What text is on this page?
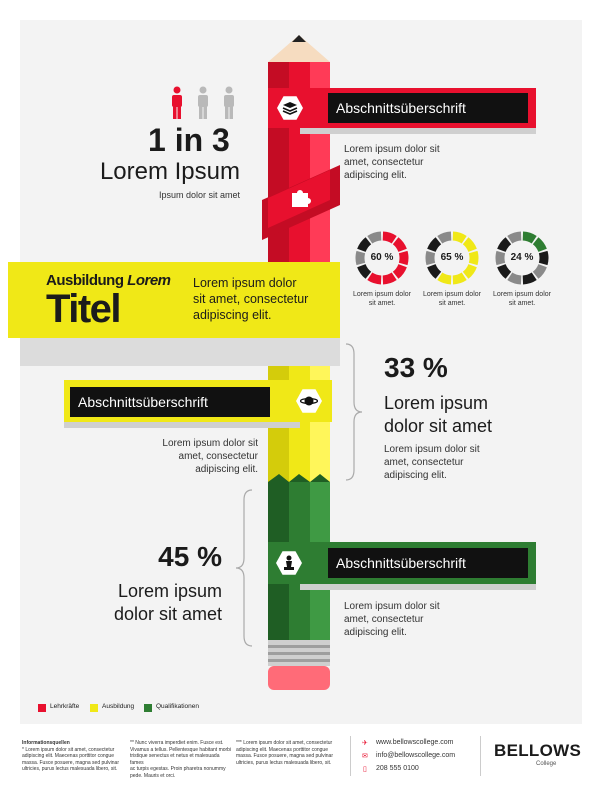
1 in 3
Lorem Ipsum
Ipsum dolor sit amet
Abschnittsüberschrift
Lorem ipsum dolor sit
amet, consectetur
adipiscing elit.
60 %	65 %	24 %
Lorem ipsum dolor
sit amet.
Lorem ipsum dolor
sit amet.
Lorem ipsum dolor
sit amet.
Ausbildung Lorem
Titel
Lorem ipsum dolor
sit amet, consectetur
adipiscing elit.
Abschnittsüberschrift
Lorem ipsum dolor sit
amet, consectetur
adipiscing elit.
33 %
Lorem ipsum
dolor sit amet
Lorem ipsum dolor sit
amet, consectetur
adipiscing elit.
45 %
Lorem ipsum
dolor sit amet
Abschnittsüberschrift
Lorem ipsum dolor sit
amet, consectetur
adipiscing elit.
Lehrkräfte	Ausbildung	Qualifikationen
Informationsquellen
* Lorem ipsum dolor sit amet, consectetur
adipiscing elit. Maecenas porttitor congue
massa. Fusce posuere, magna sed pulvinar
ultricies, purus lectus malesuada libero, sit.
** Nunc viverra imperdiet enim. Fusce est.
Vivamus a tellus. Pellentesque habitant morbi
tristique senectus et netus et malesuada fames
ac turpis egestas. Proin pharetra nonummy
pede. Mauris et orci.
*** Lorem ipsum dolor sit amet, consectetur
adipiscing elit. Maecenas porttitor congue
massa. Fusce posuere, magna sed pulvinar
ultricies, purus lectus malesuada libero, sit.
✈ www.bellowscollege.com
✉ info@bellowscollege.com
▯ 208 555 0100
BELLOWS
College
